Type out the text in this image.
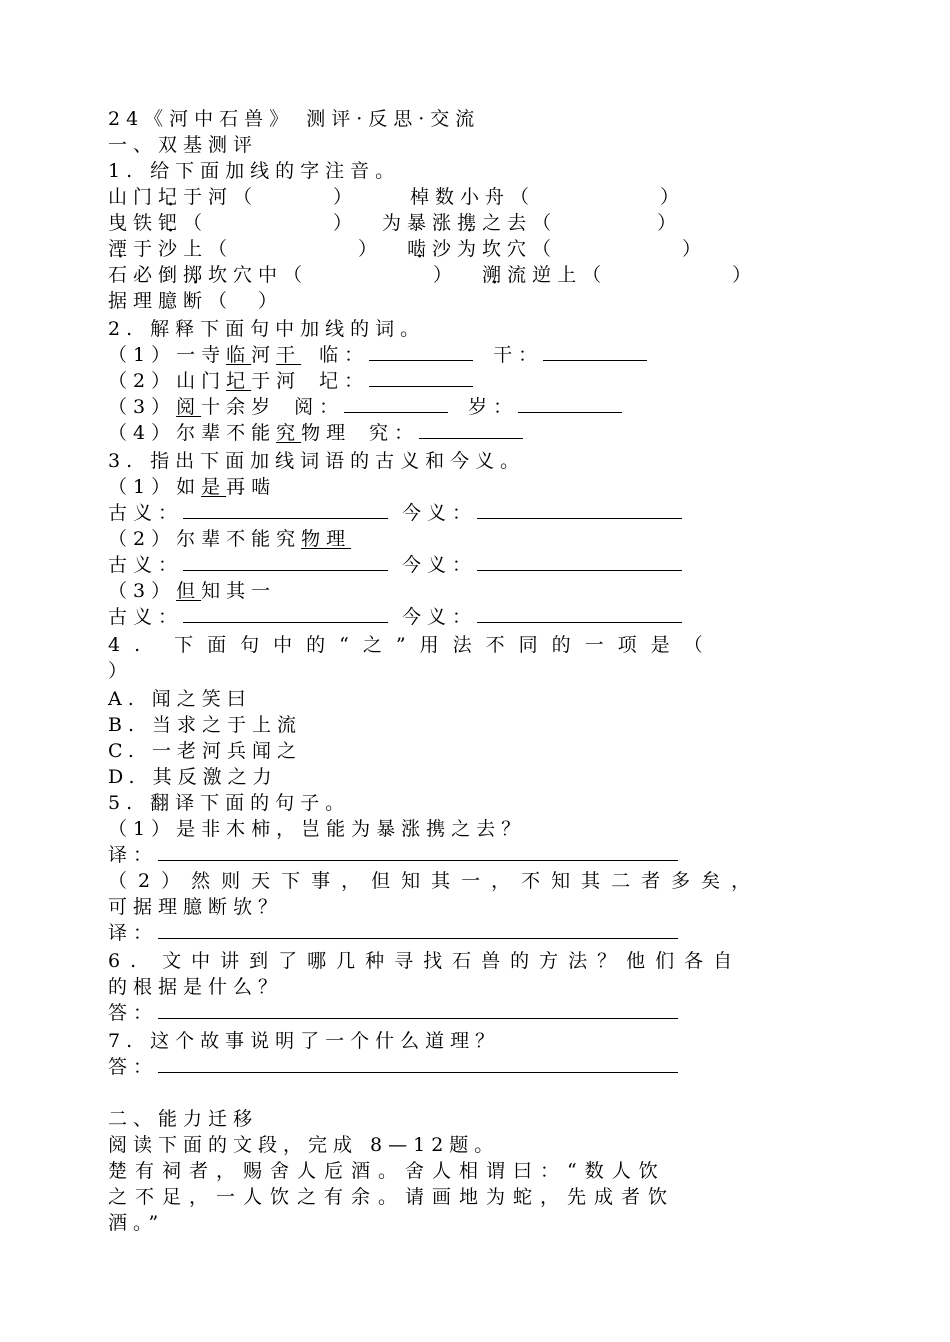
24《河中石兽》 测评·反思·交流
一、双基测评
1. 给下面加线的字注音。
山门圮于河（　　　）	棹数小舟（　　　　　）
曳铁钯（　　　　　） 为暴涨携之去（　　　　）
湮于沙上（　　　　　） 啮沙为坎穴（　　　　　）
石必倒掷坎穴中（　　　　　） 溯流逆上（　　　　　）
据理臆断（　）
2. 解释下面句中加线的词。
（1）一寺临河干 临：	干：
（2）山门圮于河 圮：
（3）阅十余岁 阅：	岁：
（4）尔辈不能究物理 究：
3. 指出下面加线词语的古义和今义。
（1）如是再啮
古义：	今义：
（2）尔辈不能究物理
古义：	今义：
（3）但知其一
古义：	今义：
4. 下面句中的“之”用法不同的一项是（
）
A. 闻之笑曰
B. 当求之于上流
C. 一老河兵闻之
D. 其反激之力
5. 翻译下面的句子。
（1）是非木柿，岂能为暴涨携之去？
译：
（2）然则天下事，但知其一，不知其二者多矣，
可据理臆断欤？
译：
6. 文中讲到了哪几种寻找石兽的方法？他们各自
的根据是什么？
答：
7. 这个故事说明了一个什么道理？
答：
二、能力迁移
阅读下面的文段，完成 8—12题。
楚有祠者，赐舍人卮酒。舍人相谓曰：“数人饮
之不足，一人饮之有余。请画地为蛇，先成者饮
酒。”
